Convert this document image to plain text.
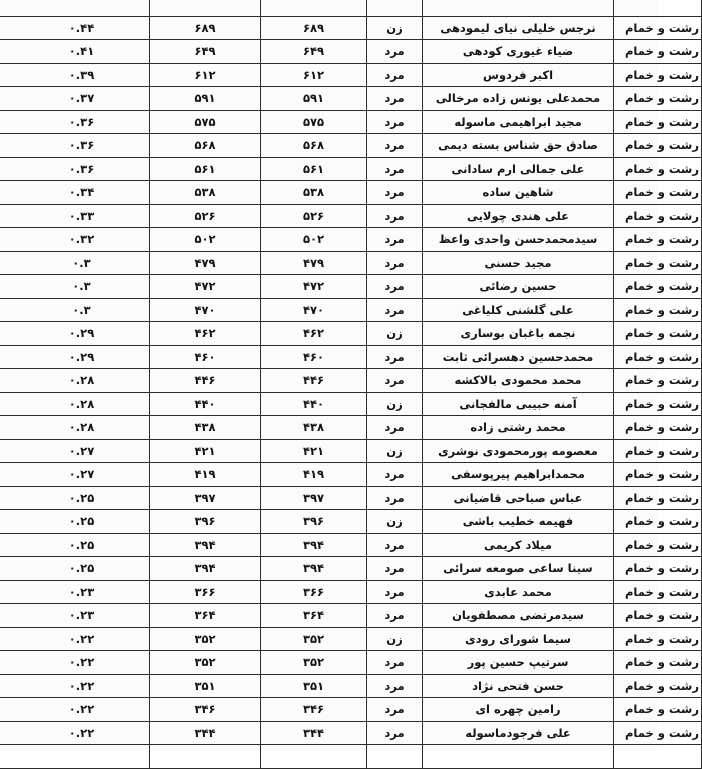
رشت و خمام	نرجس خلیلی نیای لیمودهی	زن	۶۸۹	۶۸۹	۰.۴۴
رشت و خمام	ضیاء غیوری کودهی	مرد	۶۴۹	۶۴۹	۰.۴۱
رشت و خمام	اکبر فردوس	مرد	۶۱۲	۶۱۲	۰.۳۹
رشت و خمام	محمدعلی یونس زاده مرخالی	مرد	۵۹۱	۵۹۱	۰.۳۷
رشت و خمام	مجید ابراهیمی ماسوله	مرد	۵۷۵	۵۷۵	۰.۳۶
رشت و خمام	صادق حق شناس بسته دیمی	مرد	۵۶۸	۵۶۸	۰.۳۶
رشت و خمام	علی جمالی ارم سادانی	مرد	۵۶۱	۵۶۱	۰.۳۶
رشت و خمام	شاهین ساده	مرد	۵۳۸	۵۳۸	۰.۳۴
رشت و خمام	علی هندی چولایی	مرد	۵۲۶	۵۲۶	۰.۳۳
رشت و خمام	سیدمحمدحسن واحدی واعظ	مرد	۵۰۲	۵۰۲	۰.۳۲
رشت و خمام	مجید حسنی	مرد	۴۷۹	۴۷۹	۰.۳
رشت و خمام	حسین رضائی	مرد	۴۷۲	۴۷۲	۰.۳
رشت و خمام	علی گلشنی کلیاغی	مرد	۴۷۰	۴۷۰	۰.۳
رشت و خمام	نجمه باغبان بوساری	زن	۴۶۲	۴۶۲	۰.۲۹
رشت و خمام	محمدحسین دهسرائی ثابت	مرد	۴۶۰	۴۶۰	۰.۲۹
رشت و خمام	محمد محمودی بالاکشه	مرد	۴۴۶	۴۴۶	۰.۲۸
رشت و خمام	آمنه حبیبی مالفجانی	زن	۴۴۰	۴۴۰	۰.۲۸
رشت و خمام	محمد رشتی زاده	مرد	۴۳۸	۴۳۸	۰.۲۸
رشت و خمام	معصومه پورمحمودی نوشری	زن	۴۲۱	۴۲۱	۰.۲۷
رشت و خمام	محمدابراهیم پیرپوسفی	مرد	۴۱۹	۴۱۹	۰.۲۷
رشت و خمام	عباس صباحی قاضیانی	مرد	۳۹۷	۳۹۷	۰.۲۵
رشت و خمام	فهیمه خطیب باشی	زن	۳۹۶	۳۹۶	۰.۲۵
رشت و خمام	میلاد کریمی	مرد	۳۹۴	۳۹۴	۰.۲۵
رشت و خمام	سینا ساعی صومعه سرائی	مرد	۳۹۴	۳۹۴	۰.۲۵
رشت و خمام	محمد عابدی	مرد	۳۶۶	۳۶۶	۰.۲۳
رشت و خمام	سیدمرتضی مصطفویان	مرد	۳۶۴	۳۶۴	۰.۲۳
رشت و خمام	سیما شورای رودی	زن	۳۵۲	۳۵۲	۰.۲۲
رشت و خمام	سرتیپ حسین پور	مرد	۳۵۲	۳۵۲	۰.۲۲
رشت و خمام	حسن فتحی نژاد	مرد	۳۵۱	۳۵۱	۰.۲۲
رشت و خمام	رامین چهره ای	مرد	۳۴۶	۳۴۶	۰.۲۲
رشت و خمام	علی فرجودماسوله	مرد	۳۴۴	۳۴۴	۰.۲۲
